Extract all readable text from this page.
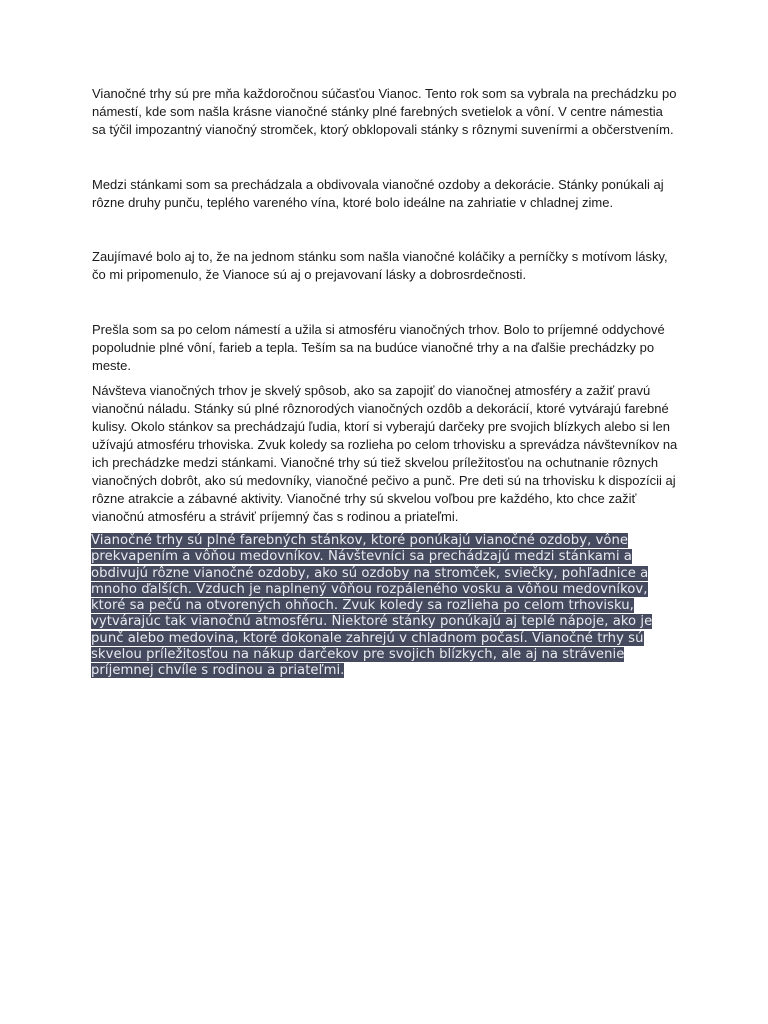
Vianočné trhy sú pre mňa každoročnou súčasťou Vianoc. Tento rok som sa vybrala na prechádzku po námestí, kde som našla krásne vianočné stánky plné farebných svetielok a vôní. V centre námestia sa týčil impozantný vianočný stromček, ktorý obklopovali stánky s rôznymi suvenírmi a občerstvením.

Medzi stánkami som sa prechádzala a obdivovala vianočné ozdoby a dekorácie. Stánky ponúkali aj rôzne druhy punču, teplého vareného vína, ktoré bolo ideálne na zahriatie v chladnej zime.

Zaujímavé bolo aj to, že na jednom stánku som našla vianočné koláčiky a perníčky s motívom lásky, čo mi pripomenulo, že Vianoce sú aj o prejavovaní lásky a dobrosrdečnosti.

Prešla som sa po celom námestí a užila si atmosféru vianočných trhov. Bolo to príjemné oddychové popoludnie plné vôní, farieb a tepla. Teším sa na budúce vianočné trhy a na ďalšie prechádzky po meste.

Návšteva vianočných trhov je skvelý spôsob, ako sa zapojiť do vianočnej atmosféry a zažiť pravú vianočnú náladu. Stánky sú plné rôznorodých vianočných ozdôb a dekorácií, ktoré vytvárajú farebné kulisy. Okolo stánkov sa prechádzajú ľudia, ktorí si vyberajú darčeky pre svojich blízkych alebo si len užívajú atmosféru trhoviska. Zvuk koledy sa rozlieha po celom trhovisku a sprevádza návštevníkov na ich prechádzke medzi stánkami. Vianočné trhy sú tiež skvelou príležitosťou na ochutnanie rôznych vianočných dobrôt, ako sú medovníky, vianočné pečivo a punč. Pre deti sú na trhovisku k dispozícii aj rôzne atrakcie a zábavné aktivity. Vianočné trhy sú skvelou voľbou pre každého, kto chce zažiť vianočnú atmosféru a stráviť príjemný čas s rodinou a priateľmi.

Vianočné trhy sú plné farebných stánkov, ktoré ponúkajú vianočné ozdoby, vône prekvapením a vôňou medovníkov. Návštevníci sa prechádzajú medzi stánkami a obdivujú rôzne vianočné ozdoby, ako sú ozdoby na stromček, sviečky, pohľadnice a mnoho ďalších. Vzduch je naplnený vôňou rozpáleného vosku a vôňou medovníkov, ktoré sa pečú na otvorených ohňoch. Zvuk koledy sa rozlieha po celom trhovisku, vytvárajúc tak vianočnú atmosféru. Niektoré stánky ponúkajú aj teplé nápoje, ako je punč alebo medovina, ktoré dokonale zahrejú v chladnom počasí. Vianočné trhy sú skvelou príležitosťou na nákup darčekov pre svojich blízkych, ale aj na strávenie príjemnej chvíle s rodinou a priateľmi.
